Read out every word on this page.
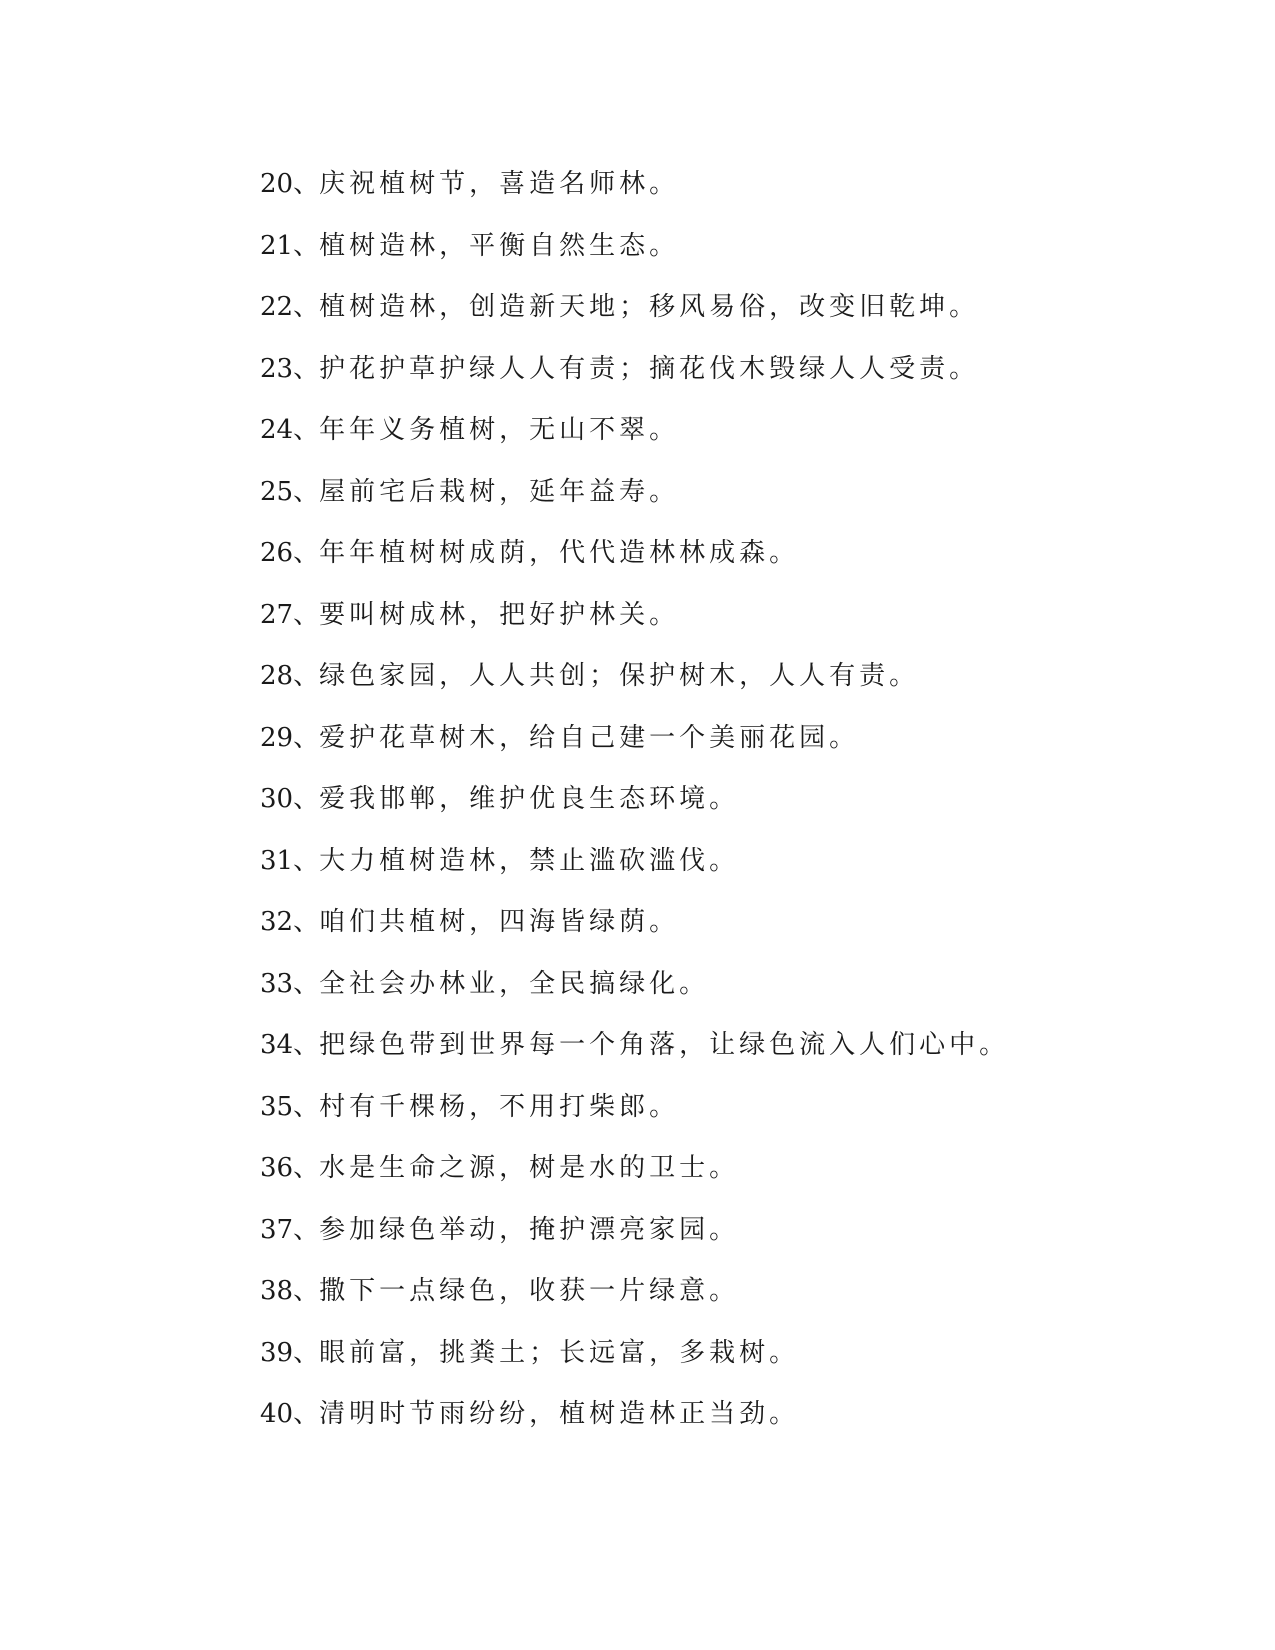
20、庆祝植树节，喜造名师林。
21、植树造林，平衡自然生态。
22、植树造林，创造新天地；移风易俗，改变旧乾坤。
23、护花护草护绿人人有责；摘花伐木毁绿人人受责。
24、年年义务植树，无山不翠。
25、屋前宅后栽树，延年益寿。
26、年年植树树成荫，代代造林林成森。
27、要叫树成林，把好护林关。
28、绿色家园，人人共创；保护树木，人人有责。
29、爱护花草树木，给自己建一个美丽花园。
30、爱我邯郸，维护优良生态环境。
31、大力植树造林，禁止滥砍滥伐。
32、咱们共植树，四海皆绿荫。
33、全社会办林业，全民搞绿化。
34、把绿色带到世界每一个角落，让绿色流入人们心中。
35、村有千棵杨，不用打柴郎。
36、水是生命之源，树是水的卫士。
37、参加绿色举动，掩护漂亮家园。
38、撒下一点绿色，收获一片绿意。
39、眼前富，挑粪土；长远富，多栽树。
40、清明时节雨纷纷，植树造林正当劲。
